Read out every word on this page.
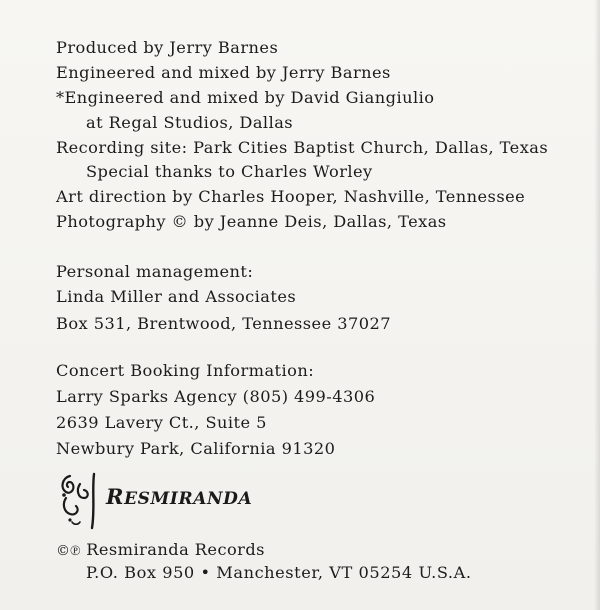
Produced by Jerry Barnes
Engineered and mixed by Jerry Barnes
*Engineered and mixed by David Giangiulio
at Regal Studios, Dallas
Recording site: Park Cities Baptist Church, Dallas, Texas
Special thanks to Charles Worley
Art direction by Charles Hooper, Nashville, Tennessee
Photography © by Jeanne Deis, Dallas, Texas
Personal management:
Linda Miller and Associates
Box 531, Brentwood, Tennessee 37027
Concert Booking Information:
Larry Sparks Agency (805) 499-4306
2639 Lavery Ct., Suite 5
Newbury Park, California 91320
RESMIRANDA
©℗ Resmiranda Records
P.O. Box 950 • Manchester, VT 05254 U.S.A.
